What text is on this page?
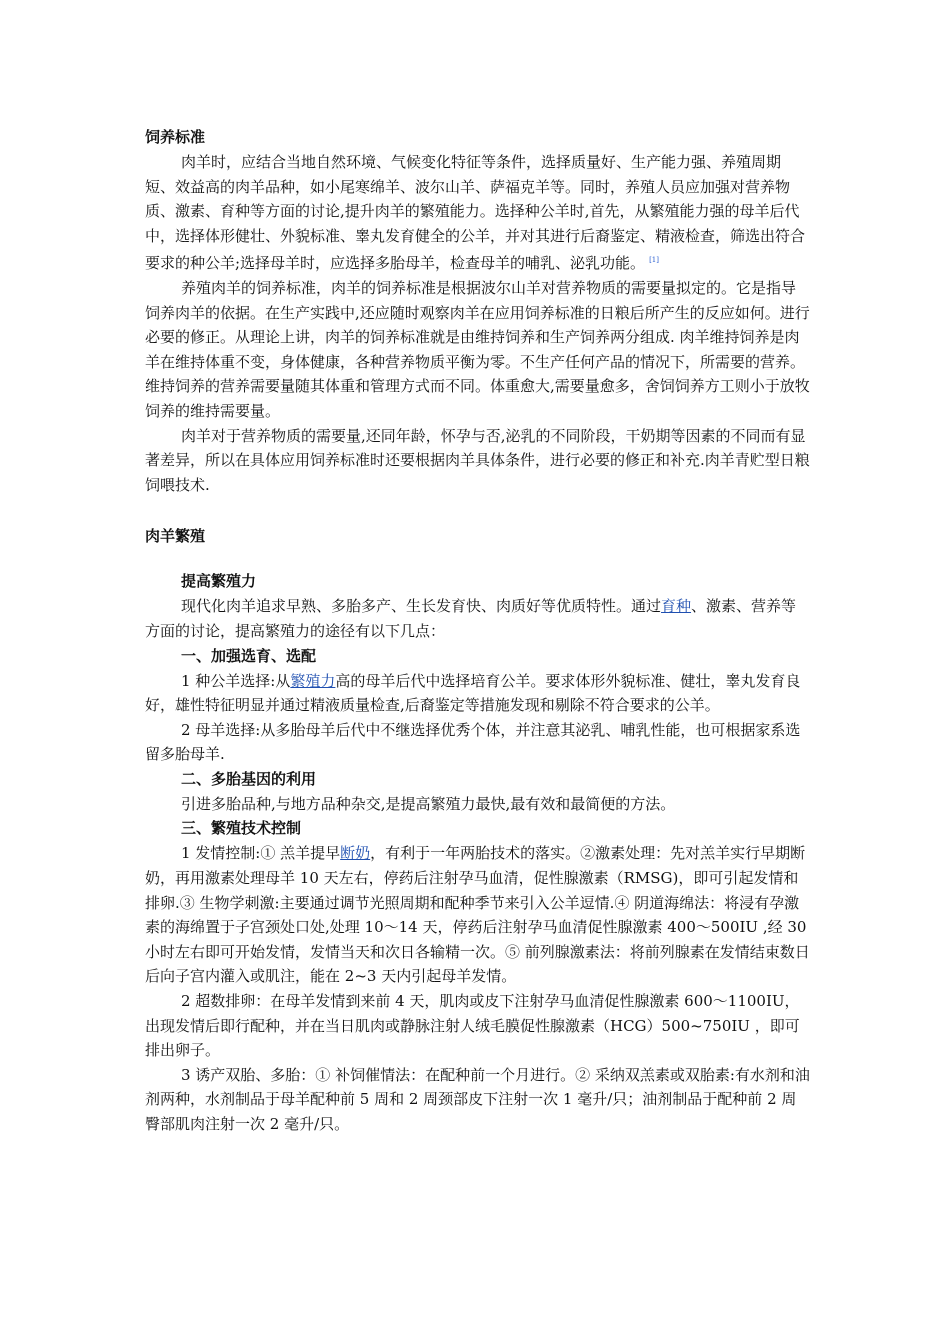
饲养标准

肉羊时，应结合当地自然环境、气候变化特征等条件，选择质量好、生产能力强、养殖周期短、效益高的肉羊品种，如小尾寒绵羊、波尔山羊、萨福克羊等。同时，养殖人员应加强对营养物质、激素、育种等方面的讨论,提升肉羊的繁殖能力。选择种公羊时,首先，从繁殖能力强的母羊后代中，选择体形健壮、外貌标准、睾丸发育健全的公羊，并对其进行后裔鉴定、精液检查，筛选出符合要求的种公羊;选择母羊时，应选择多胎母羊，检查母羊的哺乳、泌乳功能。 [1]

养殖肉羊的饲养标准，肉羊的饲养标准是根据波尔山羊对营养物质的需要量拟定的。它是指导饲养肉羊的依据。在生产实践中,还应随时观察肉羊在应用饲养标准的日粮后所产生的反应如何。进行必要的修正。从理论上讲，肉羊的饲养标准就是由维持饲养和生产饲养两分组成. 肉羊维持饲养是肉羊在维持体重不变，身体健康，各种营养物质平衡为零。不生产任何产品的情况下，所需要的营养。维持饲养的营养需要量随其体重和管理方式而不同。体重愈大,需要量愈多，舍饲饲养方工则小于放牧饲养的维持需要量。

肉羊对于营养物质的需要量,还同年龄，怀孕与否,泌乳的不同阶段，干奶期等因素的不同而有显著差异，所以在具体应用饲养标准时还要根据肉羊具体条件，进行必要的修正和补充.肉羊青贮型日粮饲喂技术.

肉羊繁殖
提高繁殖力

现代化肉羊追求早熟、多胎多产、生长发育快、肉质好等优质特性。通过育种、激素、营养等方面的讨论，提高繁殖力的途径有以下几点：

一、加强选育、选配

1 种公羊选择:从繁殖力高的母羊后代中选择培育公羊。要求体形外貌标准、健壮，睾丸发育良好，雄性特征明显并通过精液质量检查,后裔鉴定等措施发现和剔除不符合要求的公羊。

2 母羊选择:从多胎母羊后代中不继选择优秀个体，并注意其泌乳、哺乳性能，也可根据家系选留多胎母羊.

二、多胎基因的利用

引进多胎品种,与地方品种杂交,是提高繁殖力最快,最有效和最简便的方法。

三、繁殖技术控制

1 发情控制:① 羔羊提早断奶，有利于一年两胎技术的落实。②激素处理：先对羔羊实行早期断奶，再用激素处理母羊 10 天左右，停药后注射孕马血清，促性腺激素（RMSG)，即可引起发情和排卵.③ 生物学刺激:主要通过调节光照周期和配种季节来引入公羊逗情.④ 阴道海绵法：将浸有孕激素的海绵置于子宫颈处口处,处理 10～14 天，停药后注射孕马血清促性腺激素 400～500IU ,经 30 小时左右即可开始发情，发情当天和次日各输精一次。⑤ 前列腺激素法：将前列腺素在发情结束数日后向子宫内灌入或肌注，能在 2~3 天内引起母羊发情。

2 超数排卵：在母羊发情到来前 4 天，肌肉或皮下注射孕马血清促性腺激素 600～1100IU，出现发情后即行配种，并在当日肌肉或静脉注射人绒毛膜促性腺激素（HCG）500~750IU ，即可排出卵子。

3 诱产双胎、多胎：① 补饲催情法：在配种前一个月进行。② 采纳双羔素或双胎素:有水剂和油剂两种，水剂制品于母羊配种前 5 周和 2 周颈部皮下注射一次 1 毫升/只；油剂制品于配种前 2 周臀部肌肉注射一次 2 毫升/只。
